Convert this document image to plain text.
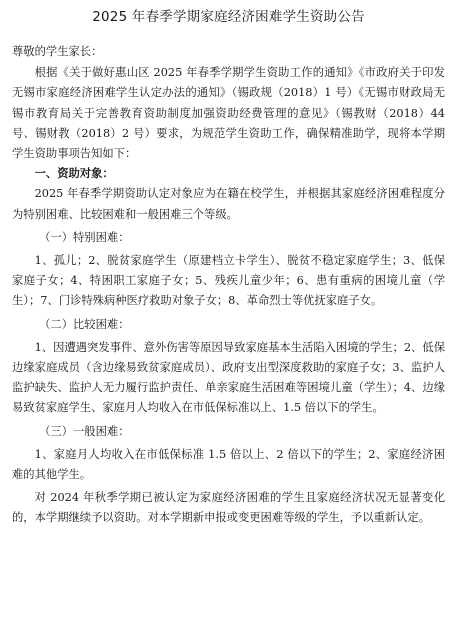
2025 年春季学期家庭经济困难学生资助公告

尊敬的学生家长：

根据《关于做好惠山区 2025 年春季学期学生资助工作的通知》《市政府关于印发无锡市家庭经济困难学生认定办法的通知》（锡政规（2018）1 号）《无锡市财政局无锡市教育局关于完善教育资助制度加强资助经费管理的意见》（锡教财（2018）44 号、锡财教（2018）2 号）要求，为规范学生资助工作，确保精准助学，现将本学期学生资助事项告知如下：

一、资助对象：

2025 年春季学期资助认定对象应为在籍在校学生，并根据其家庭经济困难程度分为特别困难、比较困难和一般困难三个等级。

（一）特别困难：

1、孤儿；2、脱贫家庭学生（原建档立卡学生）、脱贫不稳定家庭学生；3、低保家庭子女；4、特困职工家庭子女；5、残疾儿童少年；6、患有重病的困境儿童（学生）；7、门诊特殊病种医疗救助对象子女；8、革命烈士等优抚家庭子女。

（二）比较困难：

1、因遭遇突发事件、意外伤害等原因导致家庭基本生活陷入困境的学生；2、低保边缘家庭成员（含边缘易致贫家庭成员）、政府支出型深度救助的家庭子女；3、监护人监护缺失、监护人无力履行监护责任、单亲家庭生活困难等困境儿童（学生）；4、边缘易致贫家庭学生、家庭月人均收入在市低保标准以上、1.5 倍以下的学生。

（三）一般困难：

1、家庭月人均收入在市低保标准 1.5 倍以上、2 倍以下的学生；2、家庭经济困难的其他学生。

对 2024 年秋季学期已被认定为家庭经济困难的学生且家庭经济状况无显著变化的，本学期继续予以资助。对本学期新申报或变更困难等级的学生，予以重新认定。
